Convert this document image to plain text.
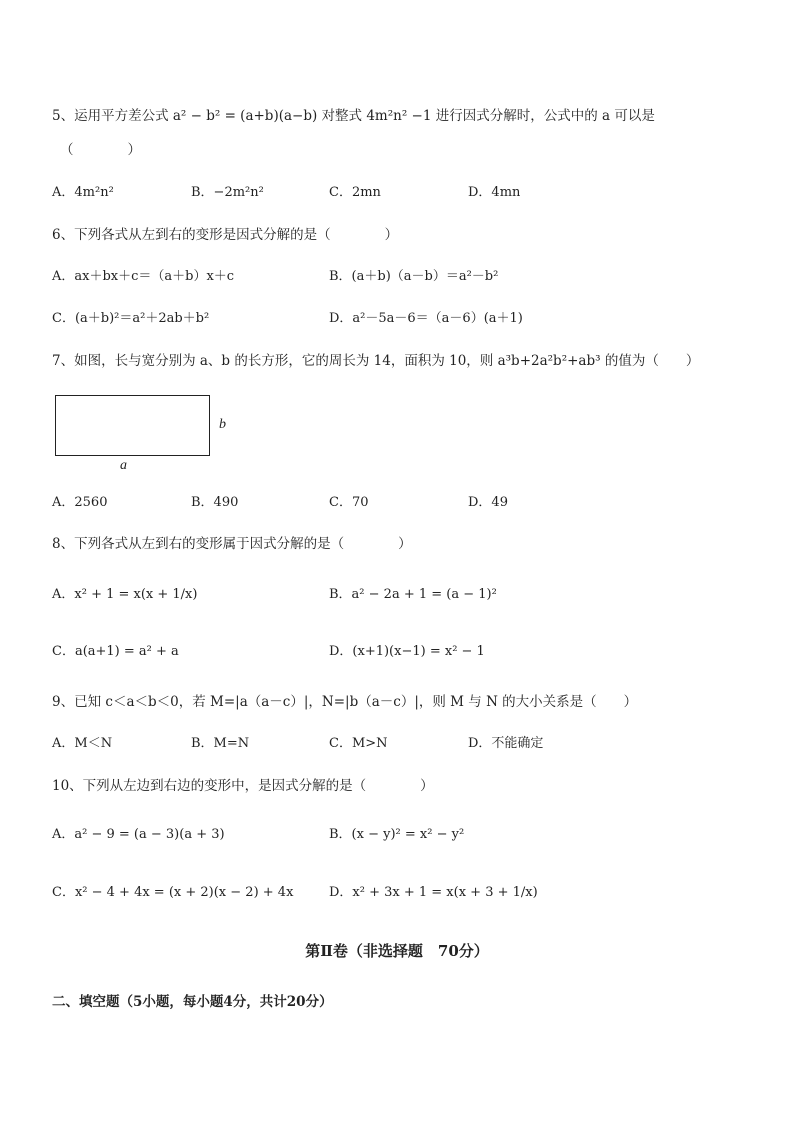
5、运用平方差公式 a² − b² = (a+b)(a−b) 对整式 4m²n² −1 进行因式分解时，公式中的 a 可以是
（　　　　）
A．4m²n²	B．−2m²n²	C．2mn	D．4mn
6、下列各式从左到右的变形是因式分解的是（　　　　）
A．ax＋bx＋c＝（a＋b）x＋c	B．(a＋b)（a－b）＝a²－b²
C．(a＋b)²＝a²＋2ab＋b²	D．a²－5a－6＝（a－6）(a＋1)
7、如图，长与宽分别为 a、b 的长方形，它的周长为 14，面积为 10，则 a³b+2a²b²+ab³ 的值为（　　）
b
a
A．2560	B．490	C．70	D．49
8、下列各式从左到右的变形属于因式分解的是（　　　　）
A．x² + 1 = x(x + 1/x)	B．a² − 2a + 1 = (a − 1)²
C．a(a+1) = a² + a	D．(x+1)(x−1) = x² − 1
9、已知 c＜a＜b＜0，若 M=|a（a－c）|，N=|b（a－c）|，则 M 与 N 的大小关系是（　　）
A．M＜N	B．M=N	C．M>N	D．不能确定
10、下列从左边到右边的变形中，是因式分解的是（　　　　）
A．a² − 9 = (a − 3)(a + 3)	B．(x − y)² = x² − y²
C．x² − 4 + 4x = (x + 2)(x − 2) + 4x	D．x² + 3x + 1 = x(x + 3 + 1/x)
第Ⅱ卷（非选择题　70分）
二、填空题（5小题，每小题4分，共计20分）
